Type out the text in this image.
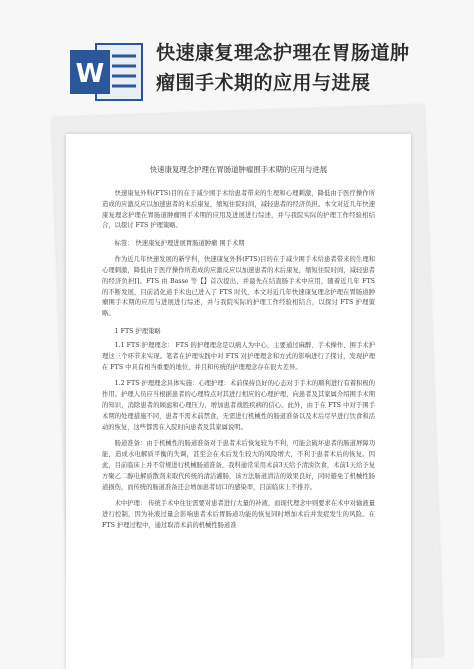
W
快速康复理念护理在胃肠道肿
瘤围手术期的应用与进展
快速康复理念护理在胃肠道肿瘤围手术期的应用与进展

快速康复外科(FTS)目的在于减少围手术给患者带来的生理和心理刺激，降低由于医疗操作所造成的应激反应以加速患者的术后康复，缩短住院时间，减轻患者的经济负担。本文对近几年快速康复理念护理在胃肠道肿瘤围手术期的应用及进展进行综述，并与我院实际的护理工作经验相结合，以探讨 FTS 护理策略。

标签： 快速康复护理进展胃肠道肿瘤 围手术期

作为近几年快速发展的新学科，快速康复外科(FTS)目的在于减少围手术给患者带来的生理和心理刺激，降低由于医疗操作所造成的应激反应以加速患者的术后康复，缩短住院时间，减轻患者的经济负担[]。FTS 由 Basse 等【】首次提出，并最先在结直肠手术中应用，随着近几年 FTS 的不断发展，目前消化道手术也已进入了 FTS 时代，本文对近几年快速康复理念护理在胃肠道肿瘤围手术期的应用与进展进行综述，并与我院实际的护理工作经验相结合，以探讨 FTS 护理策略。

1 FTS 护理策略

1.1 FTS 护理理念： FTS 的护理理念是以病人为中心，主要通过麻醉、手术操作、围手术护理这三个环节来实现。笔者在护理实践中对 FTS 对护理理念和方式的影响进行了探讨，发现护理在 FTS 中具有相当重要的地位，并且和传统的护理理念存在很大差异。

1.2 FTS 护理理念具体实施：心理护理：术前保持良好的心态对于手术的顺利进行有着积极的作用。护理人员应当根据患者的心理特点对其进行相应的心理护理，向患者及其家属介绍围手术期的知识，消除患者的顾虑和心理压力，增加患者战胜疾病的信心。此外，由于在 FTS 中对于围手术期的处理措施不同，患者不需术前禁食，无需进行机械性的肠道准备以及术后尽早进行饮食和活动的恢复，这些都需在入院时向患者及其家属说明。

肠道准备：由于机械性的肠道准备对于患者术后恢复较为不利，可能会破坏患者的肠道屏障功能，造成水电解质平衡的失调，甚至会在术后发生较大的风险增大，不利于患者术后的恢复。因此，目前临床上并不常规进行机械肠道准备，我科通常采用术前3天给予清淡饮食，术前1天给予复方聚乙二醇电解质散剂来取代传统的清洁灌肠，该方法肠道清洁的效果良好，同时避免了机械性肠道损伤，而传统的肠道准备还会增加患者切口的感染率，目前临床上不推荐。

术中护理： 传统手术中往往需要对患者进行大量的补液，而现代理念中则要求在术中对输液量进行控制，因为补液过量会影响患者术后胃肠道功能的恢复同时增加术后并发症发生的风险。在 FTS 护理过程中，通过取消术前的机械性肠道准
